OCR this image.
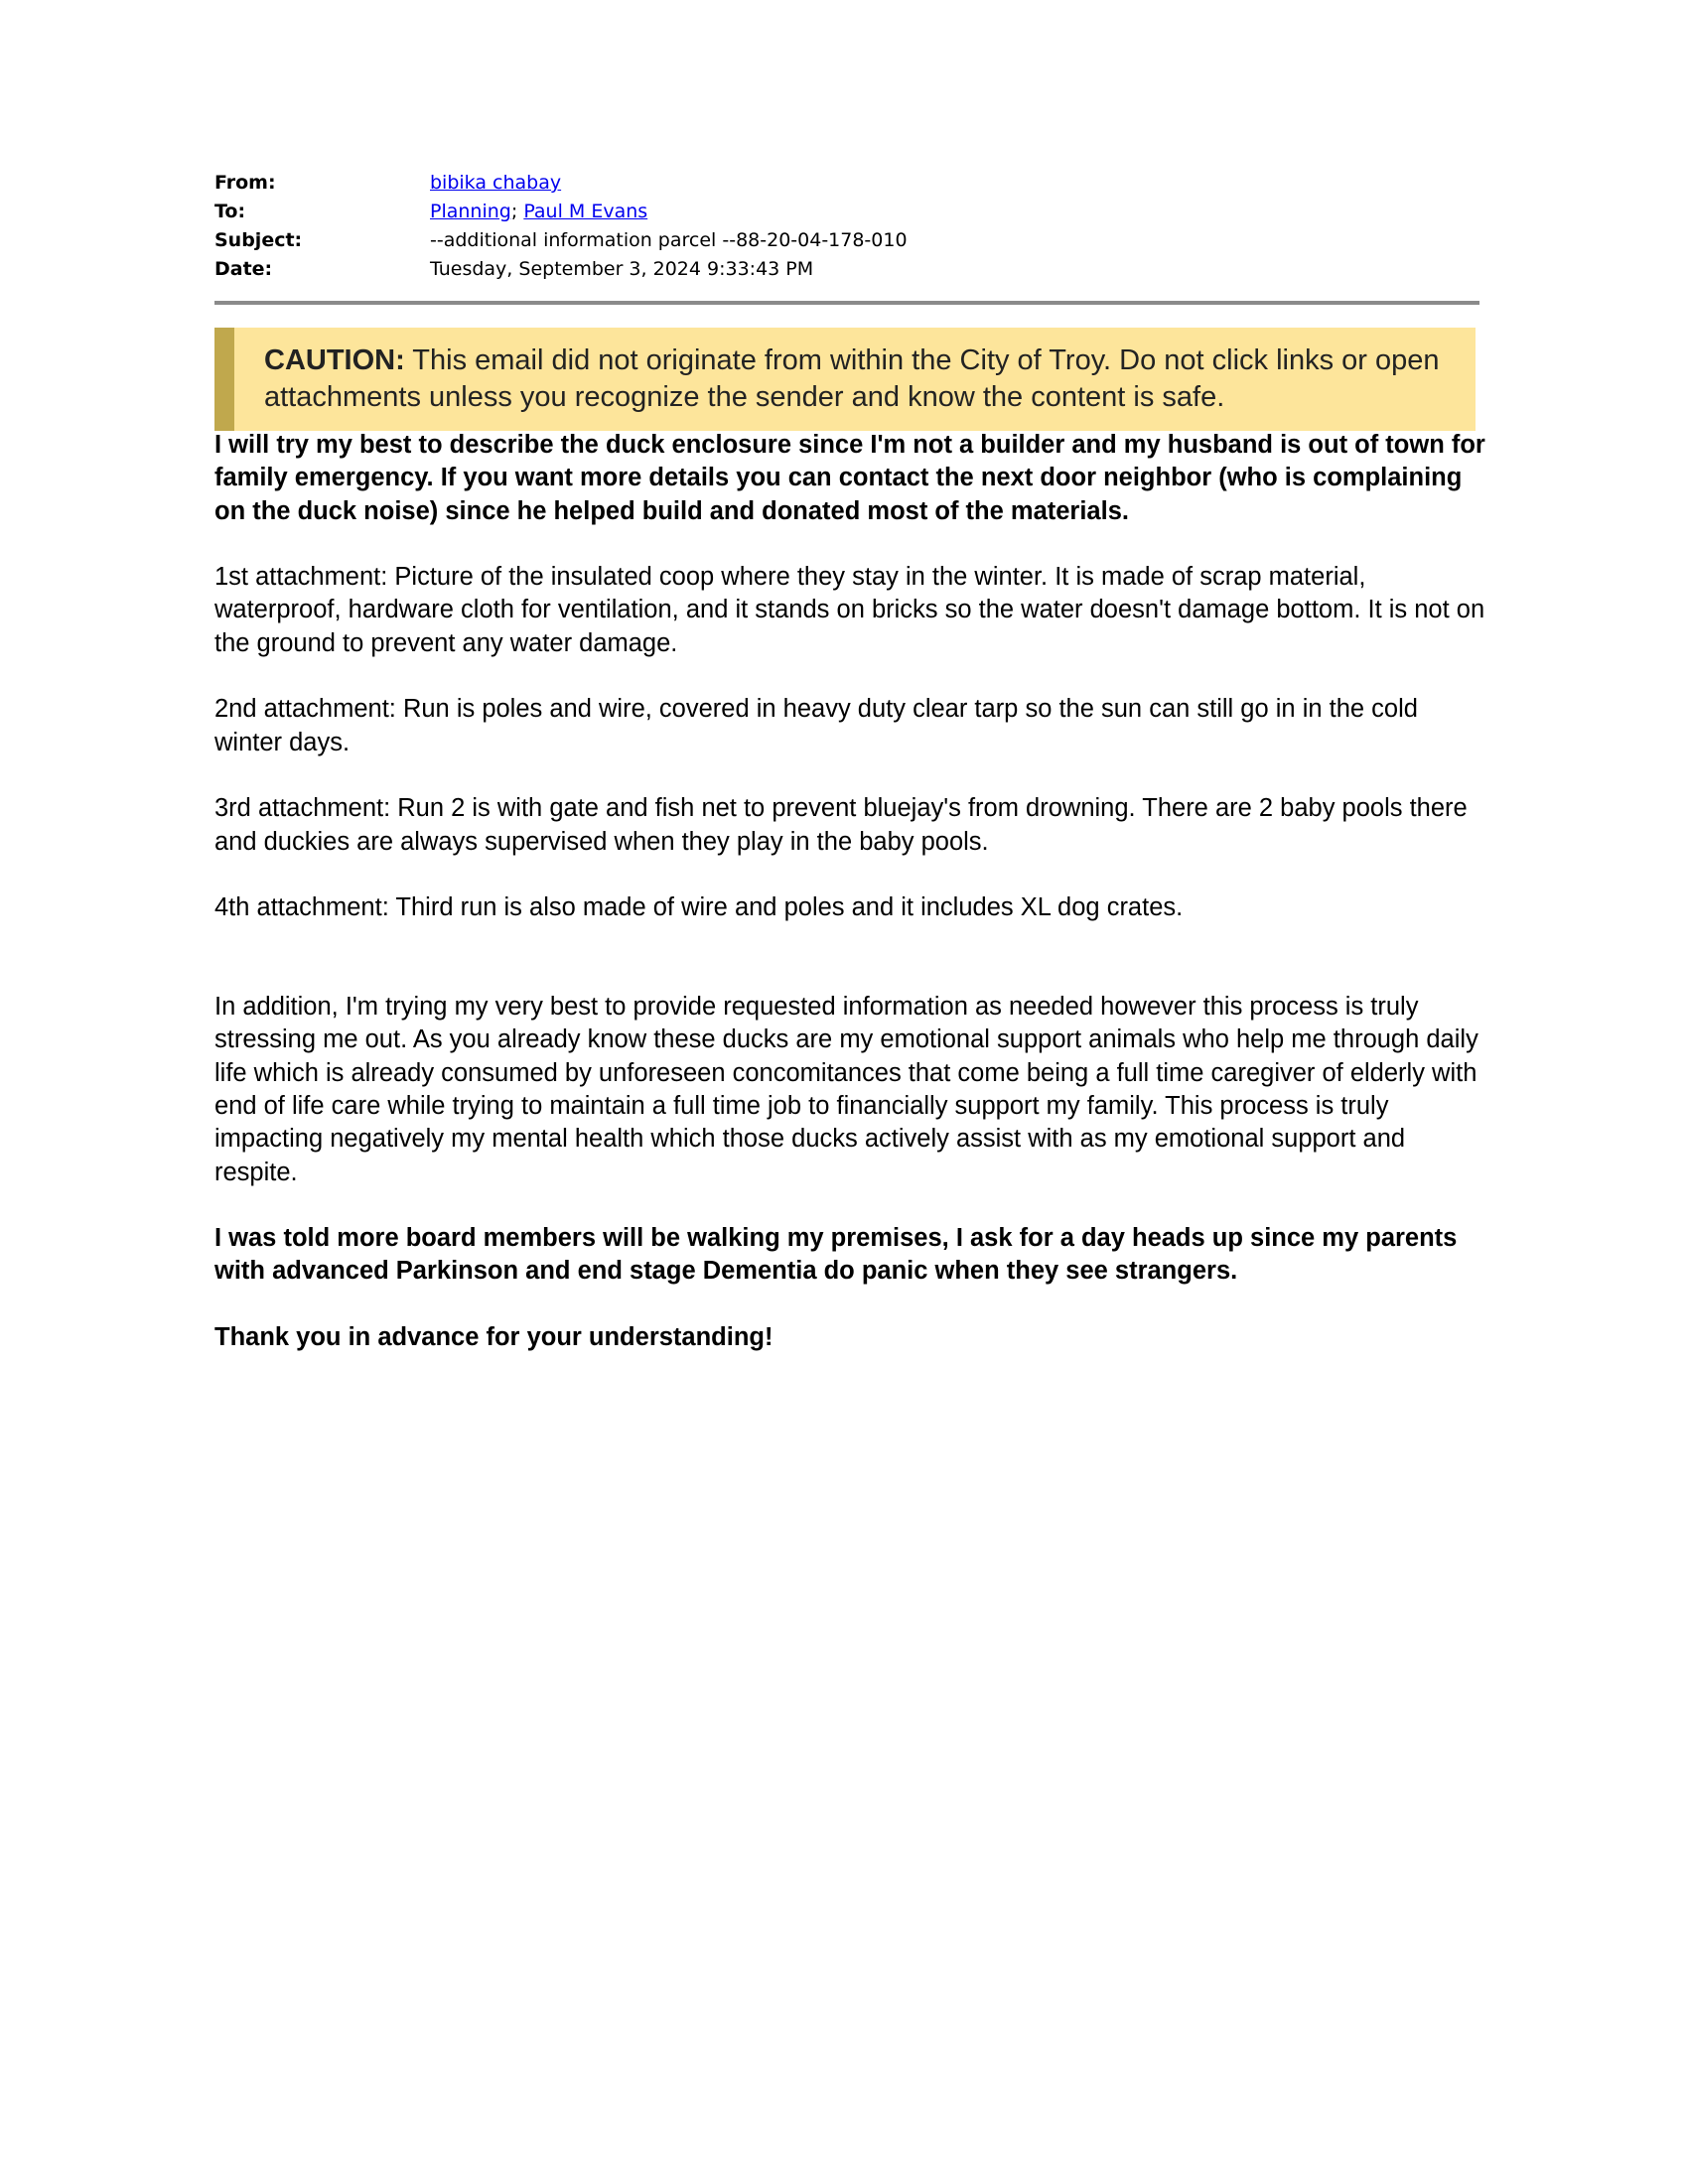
From:	bibika chabay
To:	Planning; Paul M Evans
Subject:	--additional information parcel --88-20-04-178-010
Date:	Tuesday, September 3, 2024 9:33:43 PM
CAUTION: This email did not originate from within the City of Troy. Do not click links or open attachments unless you recognize the sender and know the content is safe.

I will try my best to describe the duck enclosure since I'm not a builder and my husband is out of town for family emergency. If you want more details you can contact the next door neighbor (who is complaining on the duck noise) since he helped build and donated most of the materials.

1st attachment: Picture of the insulated coop where they stay in the winter. It is made of scrap material, waterproof, hardware cloth for ventilation, and it stands on bricks so the water doesn't damage bottom. It is not on the ground to prevent any water damage.

2nd attachment: Run is poles and wire, covered in heavy duty clear tarp so the sun can still go in in the cold winter days.

3rd attachment: Run 2 is with gate and fish net to prevent bluejay's from drowning. There are 2 baby pools there and duckies are always supervised when they play in the baby pools.

4th attachment: Third run is also made of wire and poles and it includes XL dog crates.

In addition, I'm trying my very best to provide requested information as needed however this process is truly stressing me out. As you already know these ducks are my emotional support animals who help me through daily life which is already consumed by unforeseen concomitances that come being a full time caregiver of elderly with end of life care while trying to maintain a full time job to financially support my family. This process is truly impacting negatively my mental health which those ducks actively assist with as my emotional support and respite.

I was told more board members will be walking my premises, I ask for a day heads up since my parents with advanced Parkinson and end stage Dementia do panic when they see strangers.

Thank you in advance for your understanding!
